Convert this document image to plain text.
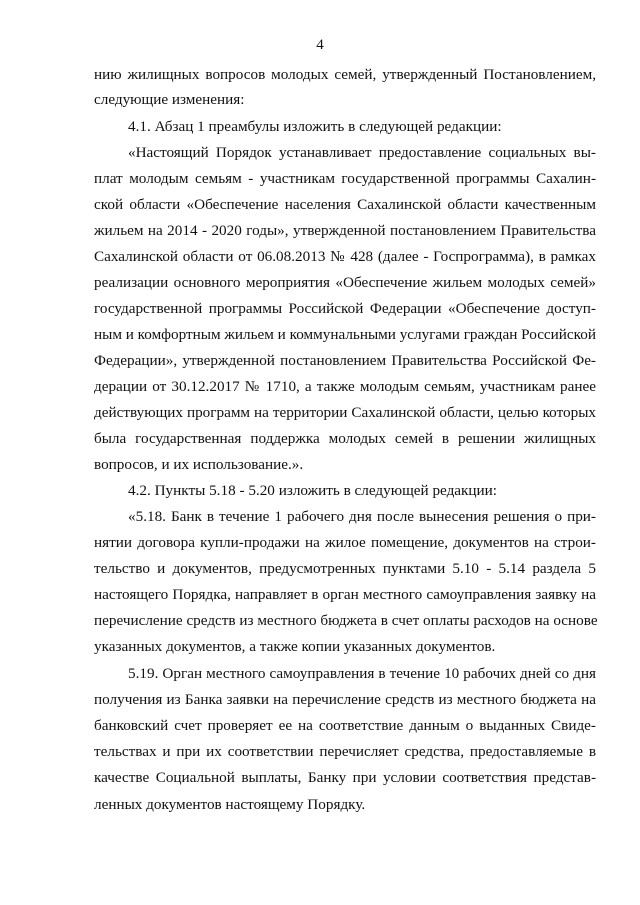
4
нию жилищных вопросов молодых семей, утвержденный Постановлением,
следующие изменения:
4.1. Абзац 1 преамбулы изложить в следующей редакции:
«Настоящий Порядок устанавливает предоставление социальных вы-
плат молодым семьям - участникам государственной программы Сахалин-
ской области «Обеспечение населения Сахалинской области качественным
жильем на 2014 - 2020 годы», утвержденной постановлением Правительства
Сахалинской области от 06.08.2013 № 428 (далее - Госпрограмма), в рамках
реализации основного мероприятия «Обеспечение жильем молодых семей»
государственной программы Российской Федерации «Обеспечение доступ-
ным и комфортным жильем и коммунальными услугами граждан Российской
Федерации», утвержденной постановлением Правительства Российской Фе-
дерации от 30.12.2017 № 1710, а также молодым семьям, участникам ранее
действующих программ на территории Сахалинской области, целью которых
была государственная поддержка молодых семей в решении жилищных
вопросов, и их использование.».
4.2. Пункты 5.18 - 5.20 изложить в следующей редакции:
«5.18. Банк в течение 1 рабочего дня после вынесения решения о при-
нятии договора купли-продажи на жилое помещение, документов на строи-
тельство и документов, предусмотренных пунктами 5.10 - 5.14 раздела 5
настоящего Порядка, направляет в орган местного самоуправления заявку на
перечисление средств из местного бюджета в счет оплаты расходов на основе
указанных документов, а также копии указанных документов.
5.19. Орган местного самоуправления в течение 10 рабочих дней со дня
получения из Банка заявки на перечисление средств из местного бюджета на
банковский счет проверяет ее на соответствие данным о выданных Свиде-
тельствах и при их соответствии перечисляет средства, предоставляемые в
качестве Социальной выплаты, Банку при условии соответствия представ-
ленных документов настоящему Порядку.
